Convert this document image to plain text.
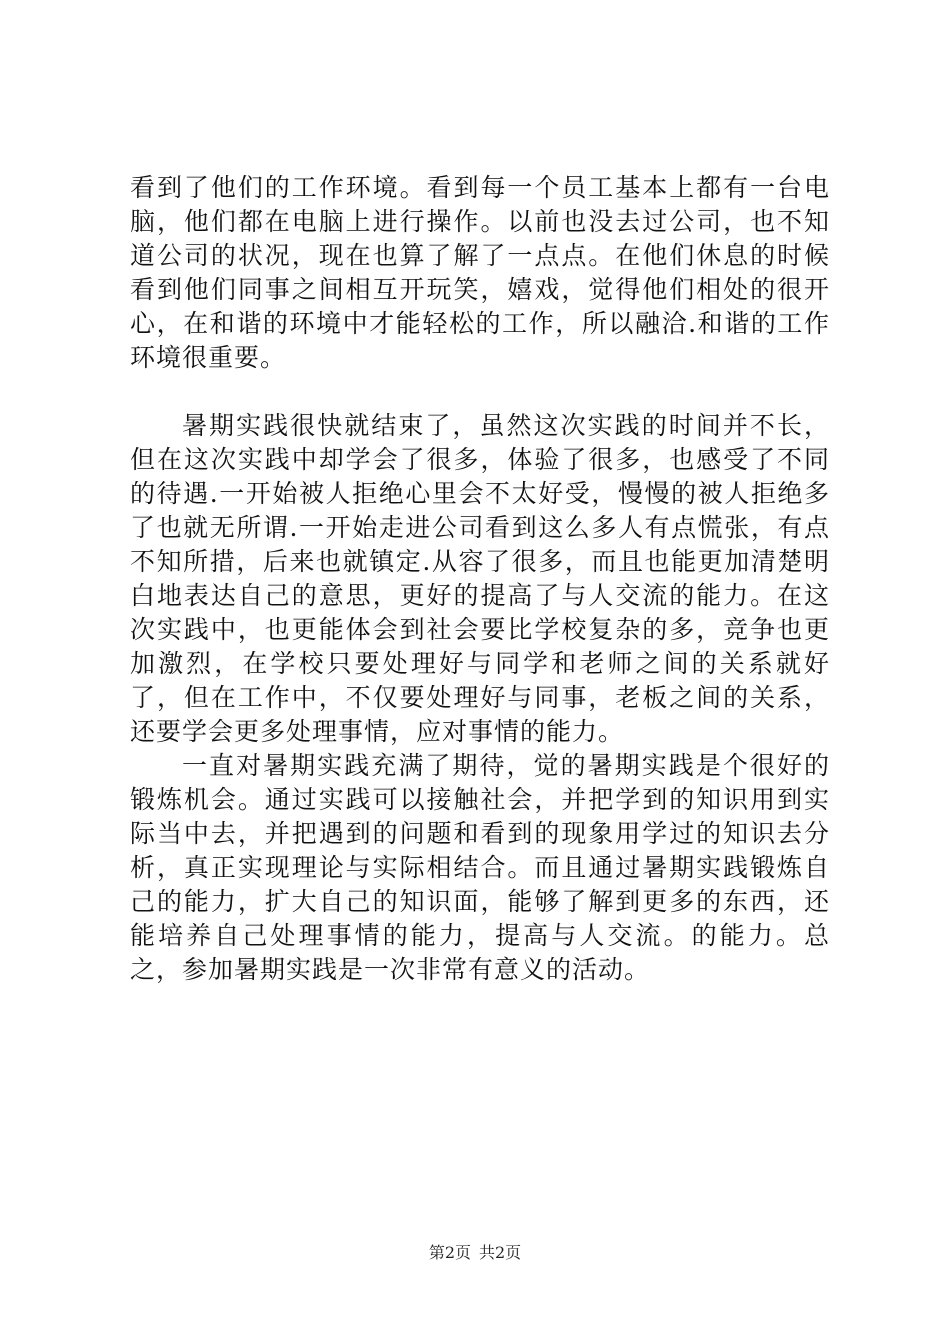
看到了他们的工作环境。看到每一个员工基本上都有一台电脑，他们都在电脑上进行操作。以前也没去过公司，也不知道公司的状况，现在也算了解了一点点。在他们休息的时候看到他们同事之间相互开玩笑，嬉戏，觉得他们相处的很开心，在和谐的环境中才能轻松的工作，所以融洽.和谐的工作环境很重要。

暑期实践很快就结束了，虽然这次实践的时间并不长，但在这次实践中却学会了很多，体验了很多，也感受了不同的待遇.一开始被人拒绝心里会不太好受，慢慢的被人拒绝多了也就无所谓.一开始走进公司看到这么多人有点慌张，有点不知所措，后来也就镇定.从容了很多，而且也能更加清楚明白地表达自己的意思，更好的提高了与人交流的能力。在这次实践中，也更能体会到社会要比学校复杂的多，竞争也更加激烈，在学校只要处理好与同学和老师之间的关系就好了，但在工作中，不仅要处理好与同事，老板之间的关系，还要学会更多处理事情，应对事情的能力。

一直对暑期实践充满了期待，觉的暑期实践是个很好的锻炼机会。通过实践可以接触社会，并把学到的知识用到实际当中去，并把遇到的问题和看到的现象用学过的知识去分析，真正实现理论与实际相结合。而且通过暑期实践锻炼自己的能力，扩大自己的知识面，能够了解到更多的东西，还能培养自己处理事情的能力，提高与人交流。的能力。总之，参加暑期实践是一次非常有意义的活动。

第2页 共2页
